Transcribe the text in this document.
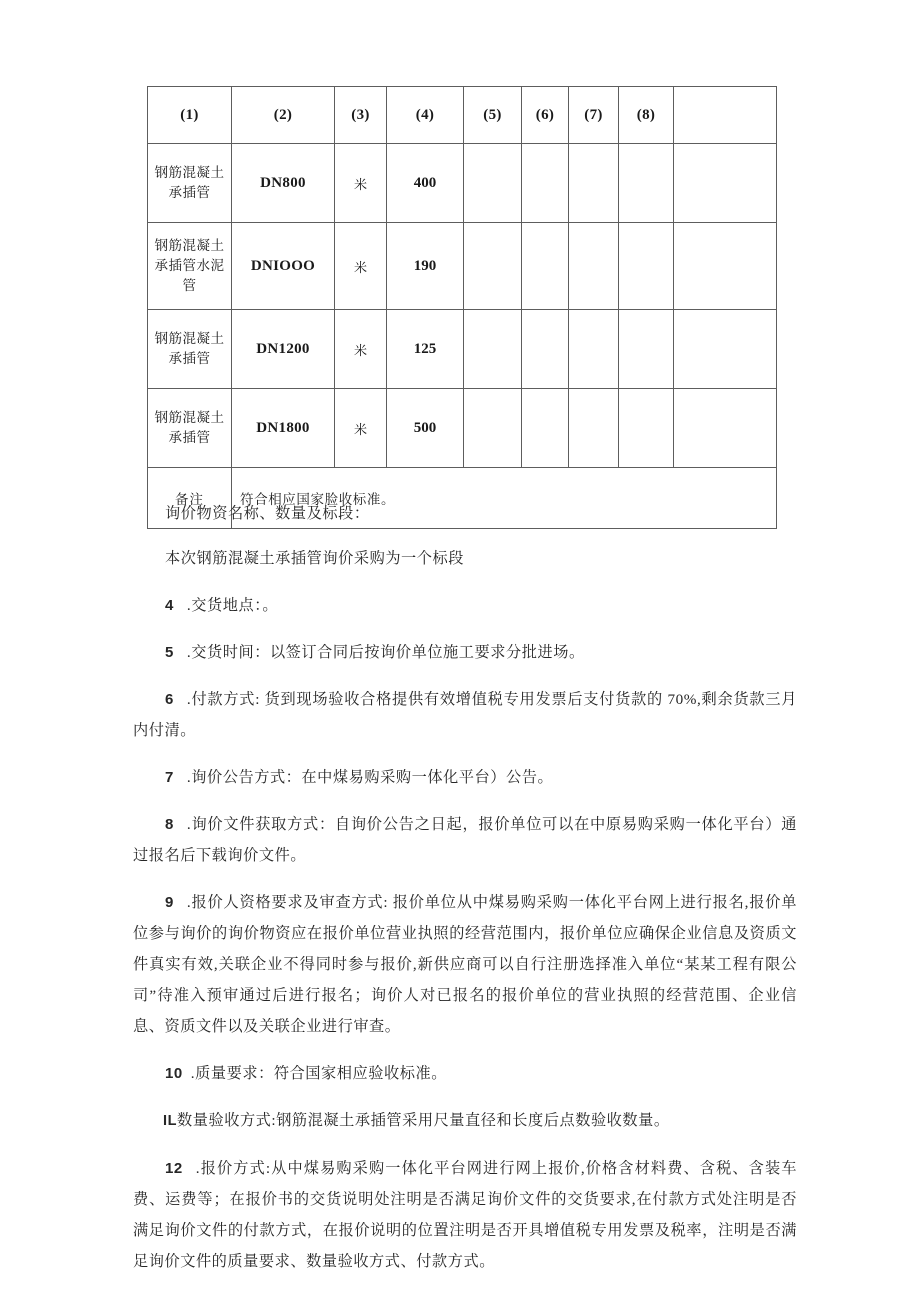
(1)	(2)	(3)	(4)	(5)	(6)	(7)	(8)	
钢筋混凝土承插管	DN800	米	400					
钢筋混凝土承插管水泥管	DNIOOO	米	190					
钢筋混凝土承插管	DN1200	米	125					
钢筋混凝土承插管	DN1800	米	500					
备注	符合相应国家脸收标准。							

询价物资名称、数量及标段：

本次钢筋混凝土承插管询价采购为一个标段

4 .交货地点：。

5 .交货时间：以签订合同后按询价单位施工要求分批进场。

6 .付款方式: 货到现场验收合格提供有效增值税专用发票后支付货款的 70%,剩余货款三月内付清。

7 .询价公告方式：在中煤易购采购一体化平台）公告。

8 .询价文件获取方式：自询价公告之日起，报价单位可以在中原易购采购一体化平台）通过报名后下载询价文件。

9 .报价人资格要求及审查方式: 报价单位从中煤易购采购一体化平台网上进行报名,报价单位参与询价的询价物资应在报价单位营业执照的经营范围内，报价单位应确保企业信息及资质文件真实有效,关联企业不得同时参与报价,新供应商可以自行注册选择准入单位“某某工程有限公司”待准入预审通过后进行报名；询价人对已报名的报价单位的营业执照的经营范围、企业信息、资质文件以及关联企业进行审查。

10 .质量要求：符合国家相应验收标准。

IL数量验收方式:钢筋混凝土承插管采用尺量直径和长度后点数验收数量。

12 .报价方式:从中煤易购采购一体化平台网进行网上报价,价格含材料费、含税、含装车费、运费等；在报价书的交货说明处注明是否满足询价文件的交货要求,在付款方式处注明是否满足询价文件的付款方式，在报价说明的位置注明是否开具增值税专用发票及税率，注明是否满足询价文件的质量要求、数量验收方式、付款方式。
